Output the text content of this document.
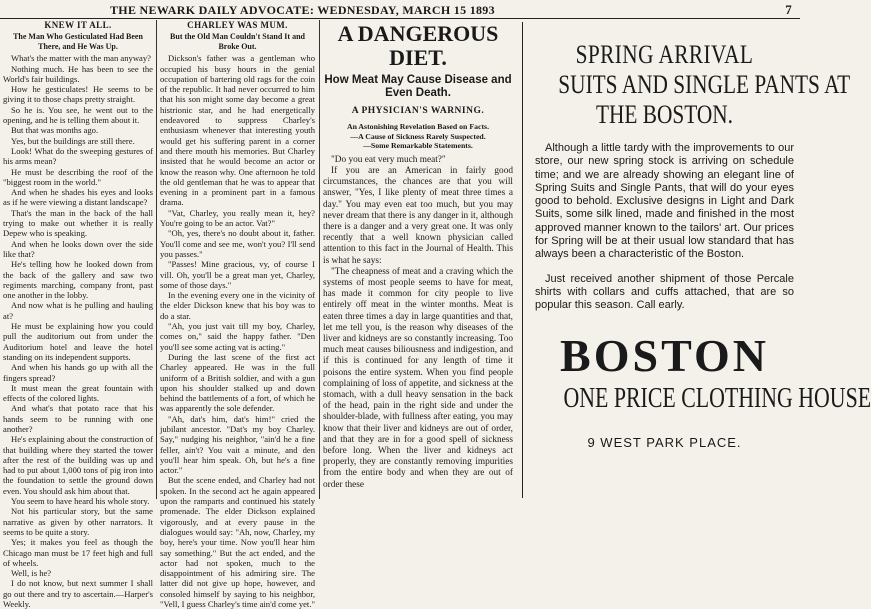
THE NEWARK DAILY ADVOCATE: WEDNESDAY, MARCH 15 1893	7
KNEW IT ALL.
The Man Who Gesticulated Had Been There, and He Was Up.

What's the matter with the man anyway?

Nothing much. He has been to see the World's fair buildings.

How he gesticulates! He seems to be giving it to those chaps pretty straight.

So he is. You see, he went out to the opening, and he is telling them about it.

But that was months ago.

Yes, but the buildings are still there.

Look! What do the sweeping gestures of his arms mean?

He must be describing the roof of the "biggest room in the world."

And when he shades his eyes and looks as if he were viewing a distant landscape?

That's the man in the back of the hall trying to make out whether it is really Depew who is speaking.

And when he looks down over the side like that?

He's telling how he looked down from the back of the gallery and saw two regiments marching, company front, past one another in the lobby.

And now what is he pulling and hauling at?

He must be explaining how you could pull the auditorium out from under the Auditorium hotel and leave the hotel standing on its independent supports.

And when his hands go up with all the fingers spread?

It must mean the great fountain with effects of the colored lights.

And what's that potato race that his hands seem to be running with one another?

He's explaining about the construction of that building where they started the tower after the rest of the building was up and had to put about 1,000 tons of pig iron into the foundation to settle the ground down even. You should ask him about that.

You seem to have heard his whole story.

Not his particular story, but the same narrative as given by other narrators. It seems to be quite a story.

Yes; it makes you feel as though the Chicago man must be 17 feet high and full of wheels.

Well, is he?

I do not know, but next summer I shall go out there and try to ascertain.—Harper's Weekly.

CHARLEY WAS MUM.
But the Old Man Couldn't Stand It and Broke Out.

Dickson's father was a gentleman who occupied his busy hours in the genial occupation of bartering old rags for the coin of the republic. It had never occurred to him that his son might some day become a great histrionic star, and he had energetically endeavored to suppress Charley's enthusiasm whenever that interesting youth would get his suffering parent in a corner and there mouth his memories. But Charley insisted that he would become an actor or know the reason why. One afternoon he told the old gentleman that he was to appear that evening in a prominent part in a famous drama.

"Vat, Charley, you really mean it, hey? You're going to be an actor. Vat?"

"Oh, yes, there's no doubt about it, father. You'll come and see me, won't you? I'll send you passes."

"Passes! Mine gracious, vy, of course I vill. Oh, you'll be a great man yet, Charley, some of those days."

In the evening every one in the vicinity of the elder Dickson knew that his boy was to do a star.

"Ah, you just vait till my boy, Charley, comes on," said the happy father. "Den you'll see some acting vat is acting."

During the last scene of the first act Charley appeared. He was in the full uniform of a British soldier, and with a gun upon his shoulder stalked up and down behind the battlements of a fort, of which he was apparently the sole defender.

"Ah, dat's him, dat's him!" cried the jubilant ancestor. "Dat's my boy Charley. Say," nudging his neighbor, "ain'd he a fine feller, ain't? You vait a minute, and den you'll hear him speak. Oh, but he's a fine actor."

But the scene ended, and Charley had not spoken. In the second act he again appeared upon the ramparts and continued his stately promenade. The elder Dickson explained vigorously, and at every pause in the dialogues would say: "Ah, now, Charley, my boy, here's your time. Now you'll hear him say something." But the act ended, and the actor had not spoken, much to the disappointment of his admiring sire. The latter did not give up hope, however, and consoled himself by saying to his neighbor, "Vell, I guess Charley's time ain'd come yet."

A DANGEROUS DIET.
How Meat May Cause Disease and Even Death.
A PHYSICIAN'S WARNING.
An Astonishing Revelation Based on Facts.
—A Cause of Sickness Rarely Suspected.
—Some Remarkable Statements.

"Do you eat very much meat?"

If you are an American in fairly good circumstances, the chances are that you will answer, "Yes, I like plenty of meat three times a day." You may even eat too much, but you may never dream that there is any danger in it, although there is a danger and a very great one. It was only recently that a well known physician called attention to this fact in the Journal of Health. This is what he says:

"The cheapness of meat and a craving which the systems of most people seems to have for meat, has made it common for city people to live entirely off meat in the winter months. Meat is eaten three times a day in large quantities and that, let me tell you, is the reason why diseases of the liver and kidneys are so constantly increasing. Too much meat causes biliousness and indigestion, and if this is continued for any length of time it poisons the entire system. When you find people complaining of loss of appetite, and sickness at the stomach, with a dull heavy sensation in the back of the head, pain in the right side and under the shoulder-blade, with fullness after eating, you may know that their liver and kidneys are out of order, and that they are in for a good spell of sickness before long. When the liver and kidneys act properly, they are constantly removing impurities from the entire body and when they are out of order these

SPRING ARRIVAL
SUITS AND SINGLE PANTS AT
THE BOSTON.

Although a little tardy with the improvements to our store, our new spring stock is arriving on schedule time; and we are already showing an elegant line of Spring Suits and Single Pants, that will do your eyes good to behold. Exclusive designs in Light and Dark Suits, some silk lined, made and finished in the most approved manner known to the tailors' art. Our prices for Spring will be at their usual low standard that has always been a characteristic of the Boston.

Just received another shipment of those Percale shirts with collars and cuffs attached, that are so popular this season. Call early.

BOSTON
ONE PRICE CLOTHING HOUSE
9 WEST PARK PLACE.
